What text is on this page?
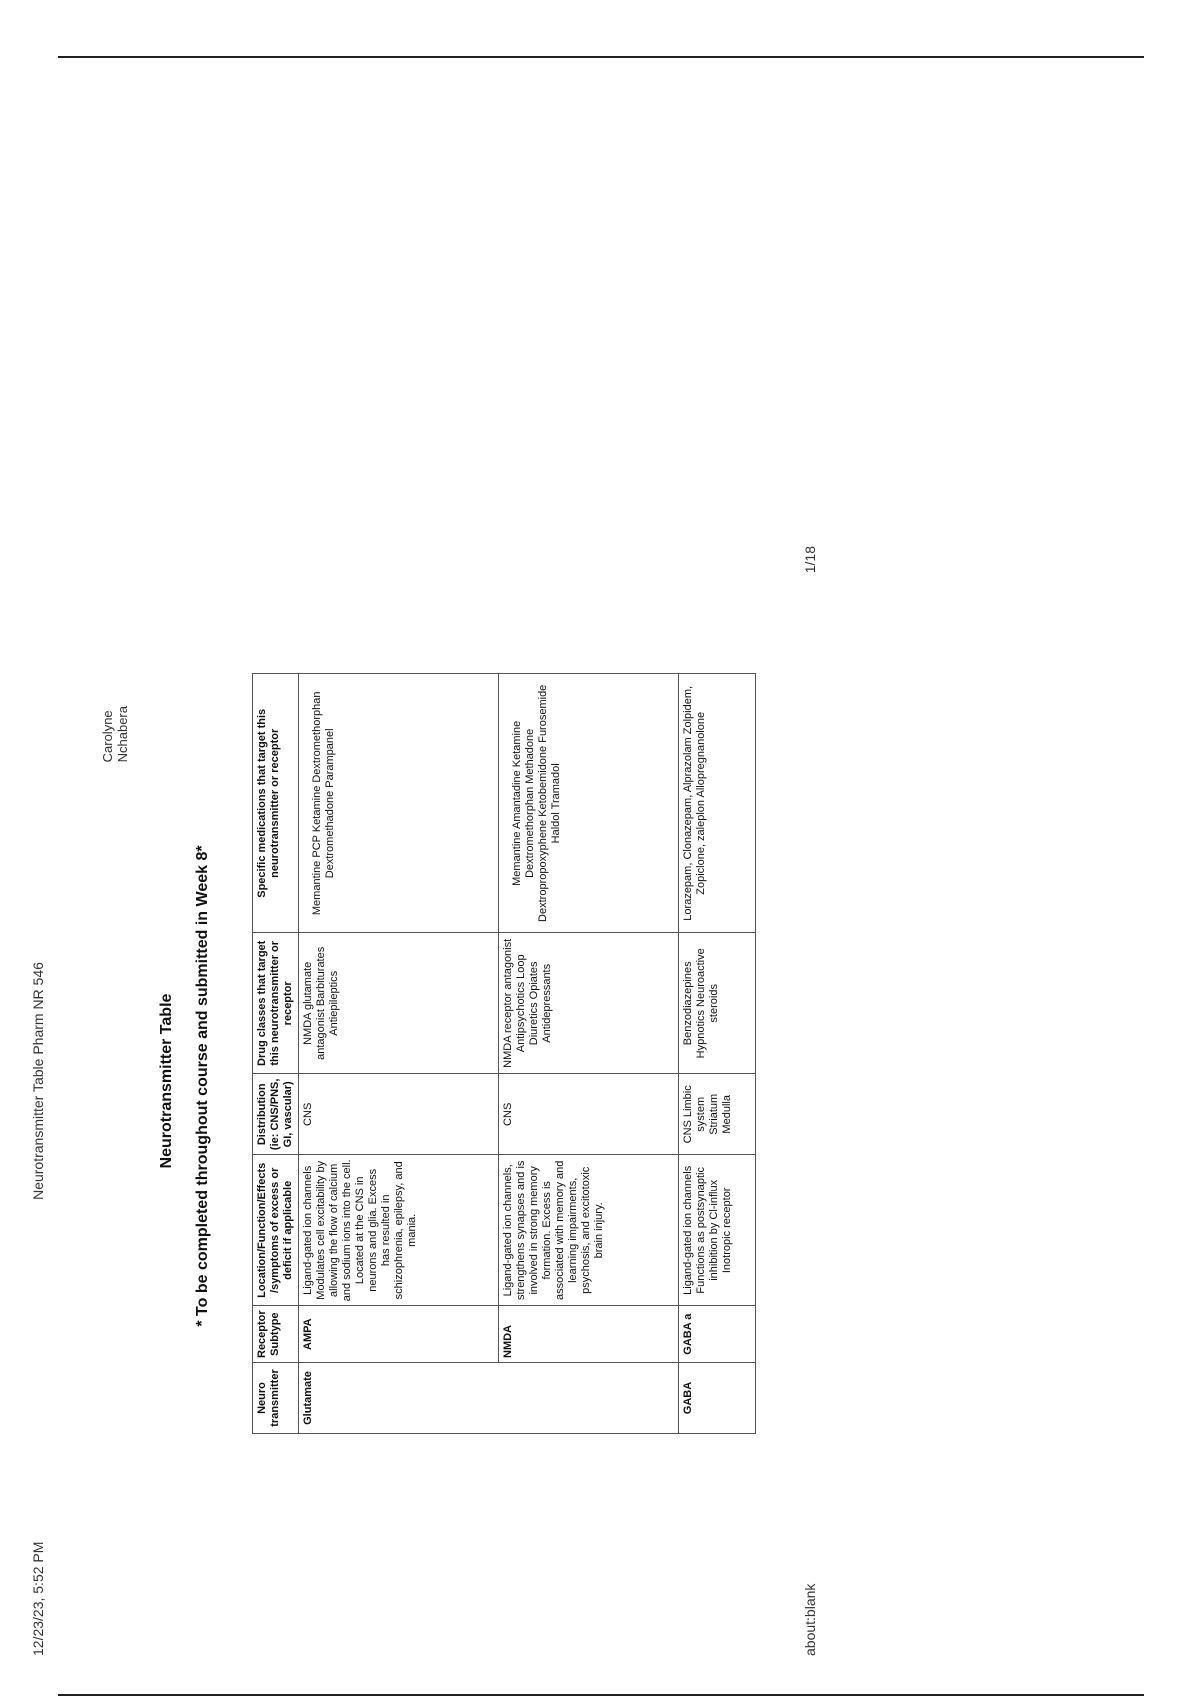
12/23/23, 5:52 PM
Neurotransmitter Table Pharm NR 546
Carolyne Nchabera
Neurotransmitter Table * To be completed throughout course and submitted in Week 8*
Neuro transmitter	Receptor Subtype	Location/Function/Effects /symptoms of excess or deficit if applicable	Distribution (ie: CNS/PNS, GI, vascular)	Drug classes that target this neurotransmitter or receptor	Specific medications that target this neurotransmitter or receptor
Glutamate	AMPA	Ligand-gated ion channels Modulates cell excitability by allowing the flow of calcium and sodium ions into the cell. Located at the CNS in neurons and glia. Excess has resulted in schizophrenia, epilepsy, and mania.	CNS	NMDA glutamate antagonist Barbiturates Antiepileptics	Memantine PCP Ketamine Dextromethorphan Dextromethadone Parampanel
	NMDA	Ligand-gated ion channels, strengthens synapses and is involved in strong memory formation. Excess is associated with memory and learning impairments, psychosis, and excitotoxic brain injury.	CNS	NMDA receptor antagonist Antipsychotics Loop Diuretics Opiates Antidepressants	Memantine Amantadine Ketamine Dextromethorphan Methadone Dextropropoxyphene Ketobemidone Furosemide Haldol Tramadol
GABA	GABA a	Ligand-gated ion channels Functions as postsynaptic inhibition by Cl-influx Inotropic receptor	CNS Limbic system Striatum Medulla	Benzodiazepines Hypnotics Neuroactive steroids	Lorazepam, Clonazepam, Alprazolam Zolpidem, Zopiclone, zaleplon Allopregnanolone
about:blank
1/18
